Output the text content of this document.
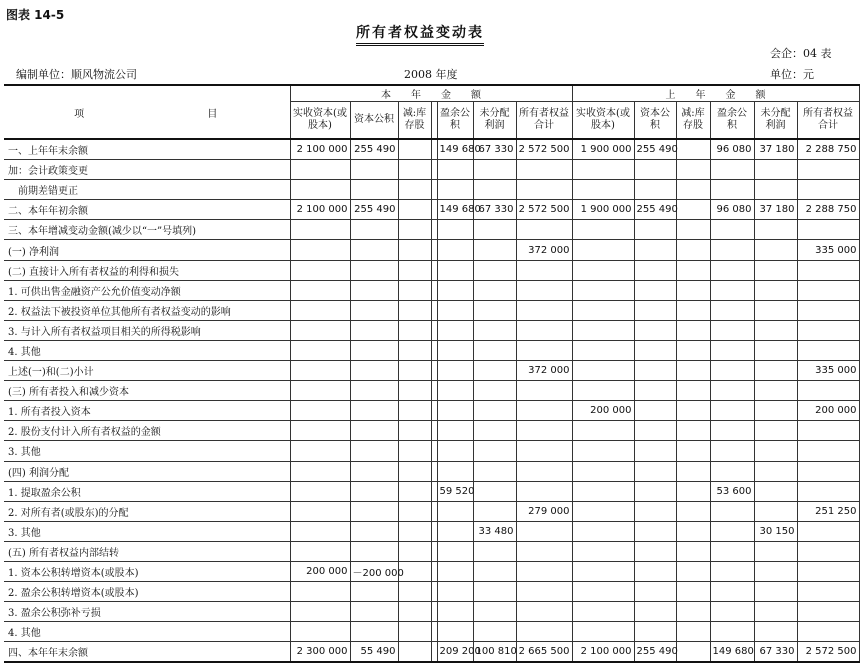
图表 14-5
所有者权益变动表
会企：04 表
编制单位：顺风物流公司	2008 年度	单位：元
项 目	本　　年　　金　　额							上　　年　　金　　额					
	实收资本(或股本)	资本公积	减:库存股		盈余公积	未分配利润	所有者权益合计	实收资本(或股本)	资本公积	减:库存股	盈余公积	未分配利润	所有者权益合计
一、上年年末余额	2 100 000	255 490			149 680	67 330	2 572 500	1 900 000	255 490		96 080	37 180	2 288 750
加：会计政策变更													
　前期差错更正													
二、本年年初余额	2 100 000	255 490			149 680	67 330	2 572 500	1 900 000	255 490		96 080	37 180	2 288 750
三、本年增减变动金额(减少以“一”号填列)													
(一) 净利润							372 000						335 000
(二) 直接计入所有者权益的利得和损失													
1. 可供出售金融资产公允价值变动净额													
2. 权益法下被投资单位其他所有者权益变动的影响													
3. 与计入所有者权益项目相关的所得税影响													
4. 其他													
上述(一)和(二)小计							372 000						335 000
(三) 所有者投入和减少资本													
1. 所有者投入资本								200 000					200 000
2. 股份支付计入所有者权益的金额													
3. 其他													
(四) 利润分配													
1. 提取盈余公积					59 520						53 600		
2. 对所有者(或股东)的分配							279 000						251 250
3. 其他						33 480						30 150	
(五) 所有者权益内部结转													
1. 资本公积转增资本(或股本)	200 000	－200 000											
2. 盈余公积转增资本(或股本)													
3. 盈余公积弥补亏损													
4. 其他													
四、本年年末余额	2 300 000	55 490			209 200	100 810	2 665 500	2 100 000	255 490		149 680	67 330	2 572 500
